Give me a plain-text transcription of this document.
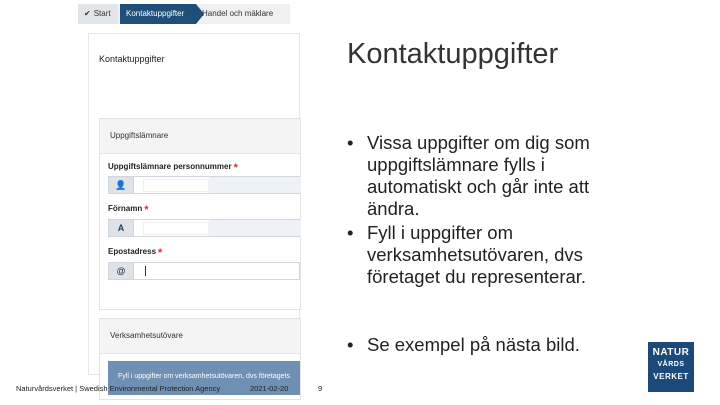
✔ Start	Kontaktuppgifter	Handel och mäklare
Kontaktuppgifter
Uppgiftslämnare
Uppgiftslämnare personnummer *
👤
Förnamn *
A
Epostadress *
@
Verksamhetsutövare
Fyll i uppgifter om verksamhetsutövaren, dvs företagets
Kontaktuppgifter
• Vissa uppgifter om dig som uppgiftslämnare fylls i automatiskt och går inte att ändra.
• Fyll i uppgifter om verksamhetsutövaren, dvs företaget du representerar.
• Se exempel på nästa bild.
Naturvårdsverket | Swedish Environmental Protection Agency	2021-02-20	9
NATUR
VÅRDS
VERKET
